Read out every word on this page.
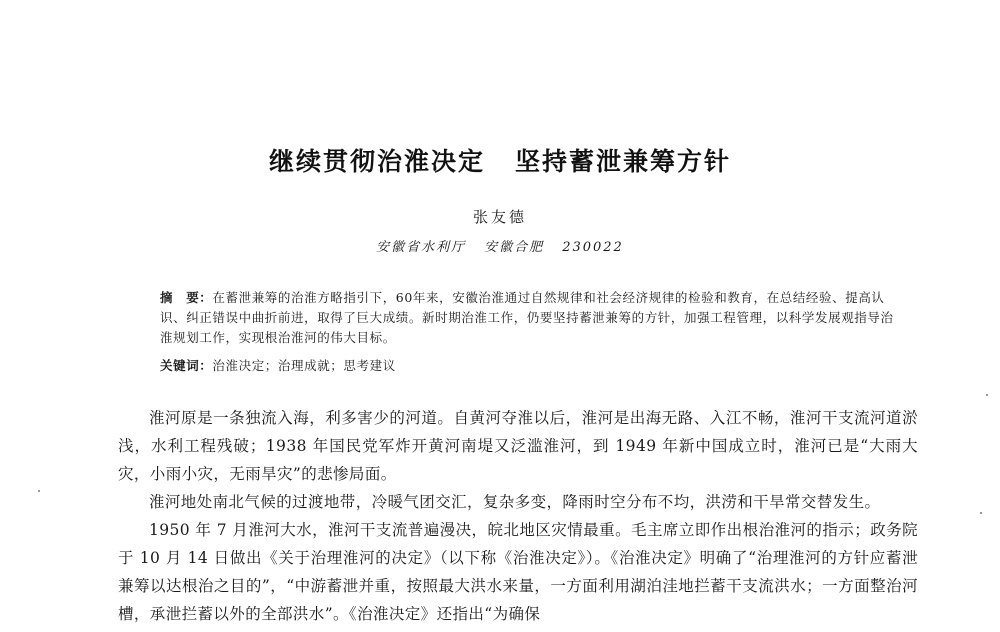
继续贯彻治淮决定 坚持蓄泄兼筹方针
张友德
安徽省水利厅 安徽合肥 230022
摘　要：在蓄泄兼筹的治淮方略指引下，60年来，安徽治淮通过自然规律和社会经济规律的检验和教育，在总结经验、提高认识、纠正错误中曲折前进，取得了巨大成绩。新时期治淮工作，仍要坚持蓄泄兼筹的方针，加强工程管理，以科学发展观指导治淮规划工作，实现根治淮河的伟大目标。
关键词：治淮决定；治理成就；思考建议

淮河原是一条独流入海，利多害少的河道。自黄河夺淮以后，淮河是出海无路、入江不畅，淮河干支流河道淤浅，水利工程残破；1938 年国民党军炸开黄河南堤又泛滥淮河，到 1949 年新中国成立时，淮河已是“大雨大灾，小雨小灾，无雨旱灾”的悲惨局面。

淮河地处南北气候的过渡地带，冷暖气团交汇，复杂多变，降雨时空分布不均，洪涝和干旱常交替发生。

1950 年 7 月淮河大水，淮河干支流普遍漫决，皖北地区灾情最重。毛主席立即作出根治淮河的指示；政务院于 10 月 14 日做出《关于治理淮河的决定》（以下称《治淮决定》）。《治淮决定》明确了“治理淮河的方针应蓄泄兼筹以达根治之目的”，“中游蓄泄并重，按照最大洪水来量，一方面利用湖泊洼地拦蓄干支流洪水；一方面整治河槽，承泄拦蓄以外的全部洪水”。《治淮决定》还指出“为确保
